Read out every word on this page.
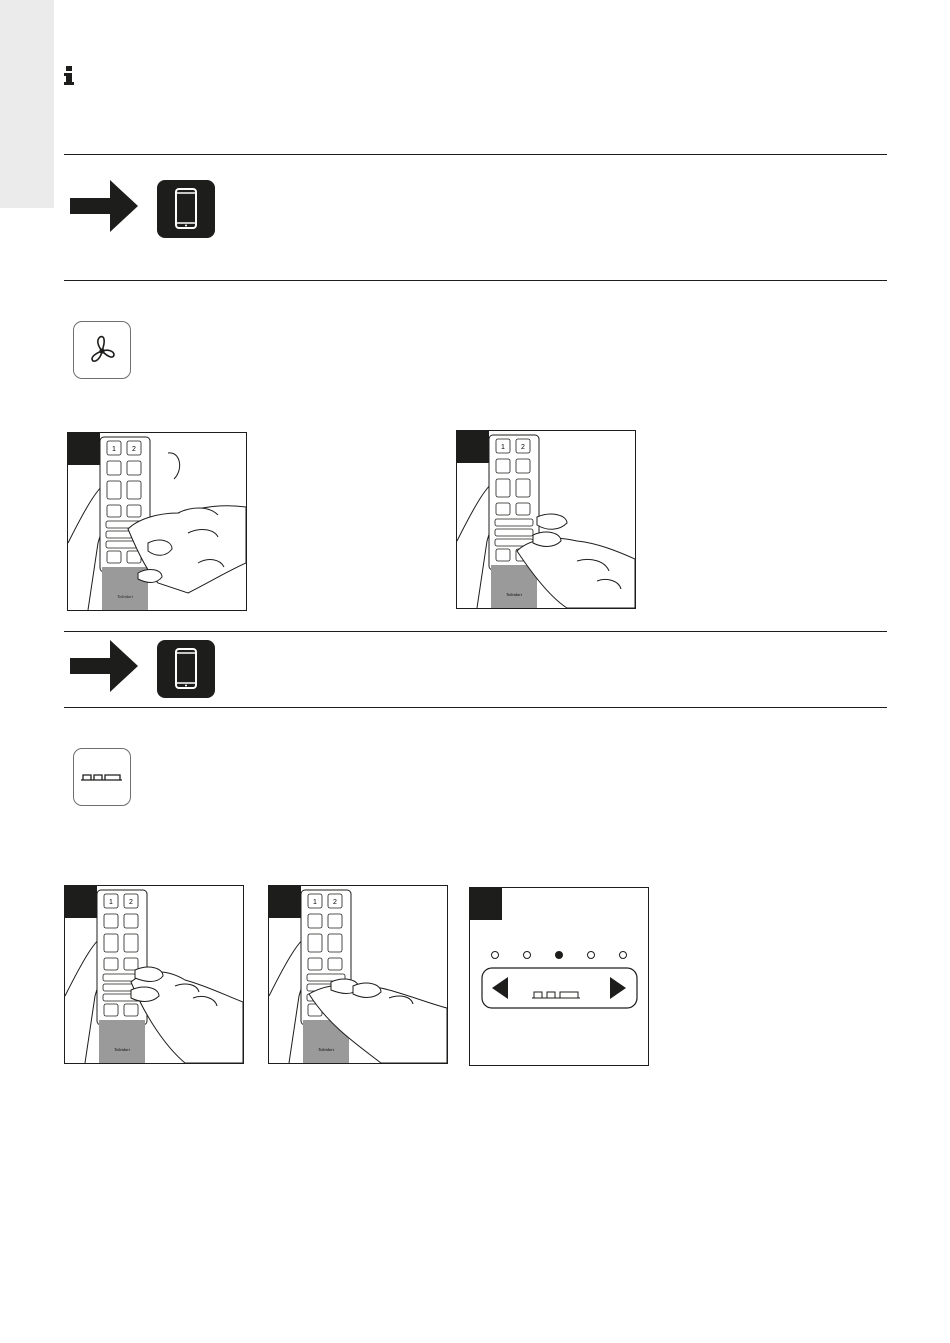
1 2
Toiletdart
1 2
Toiletdart
1 2
Toiletdart
1 2
Toiletdart
